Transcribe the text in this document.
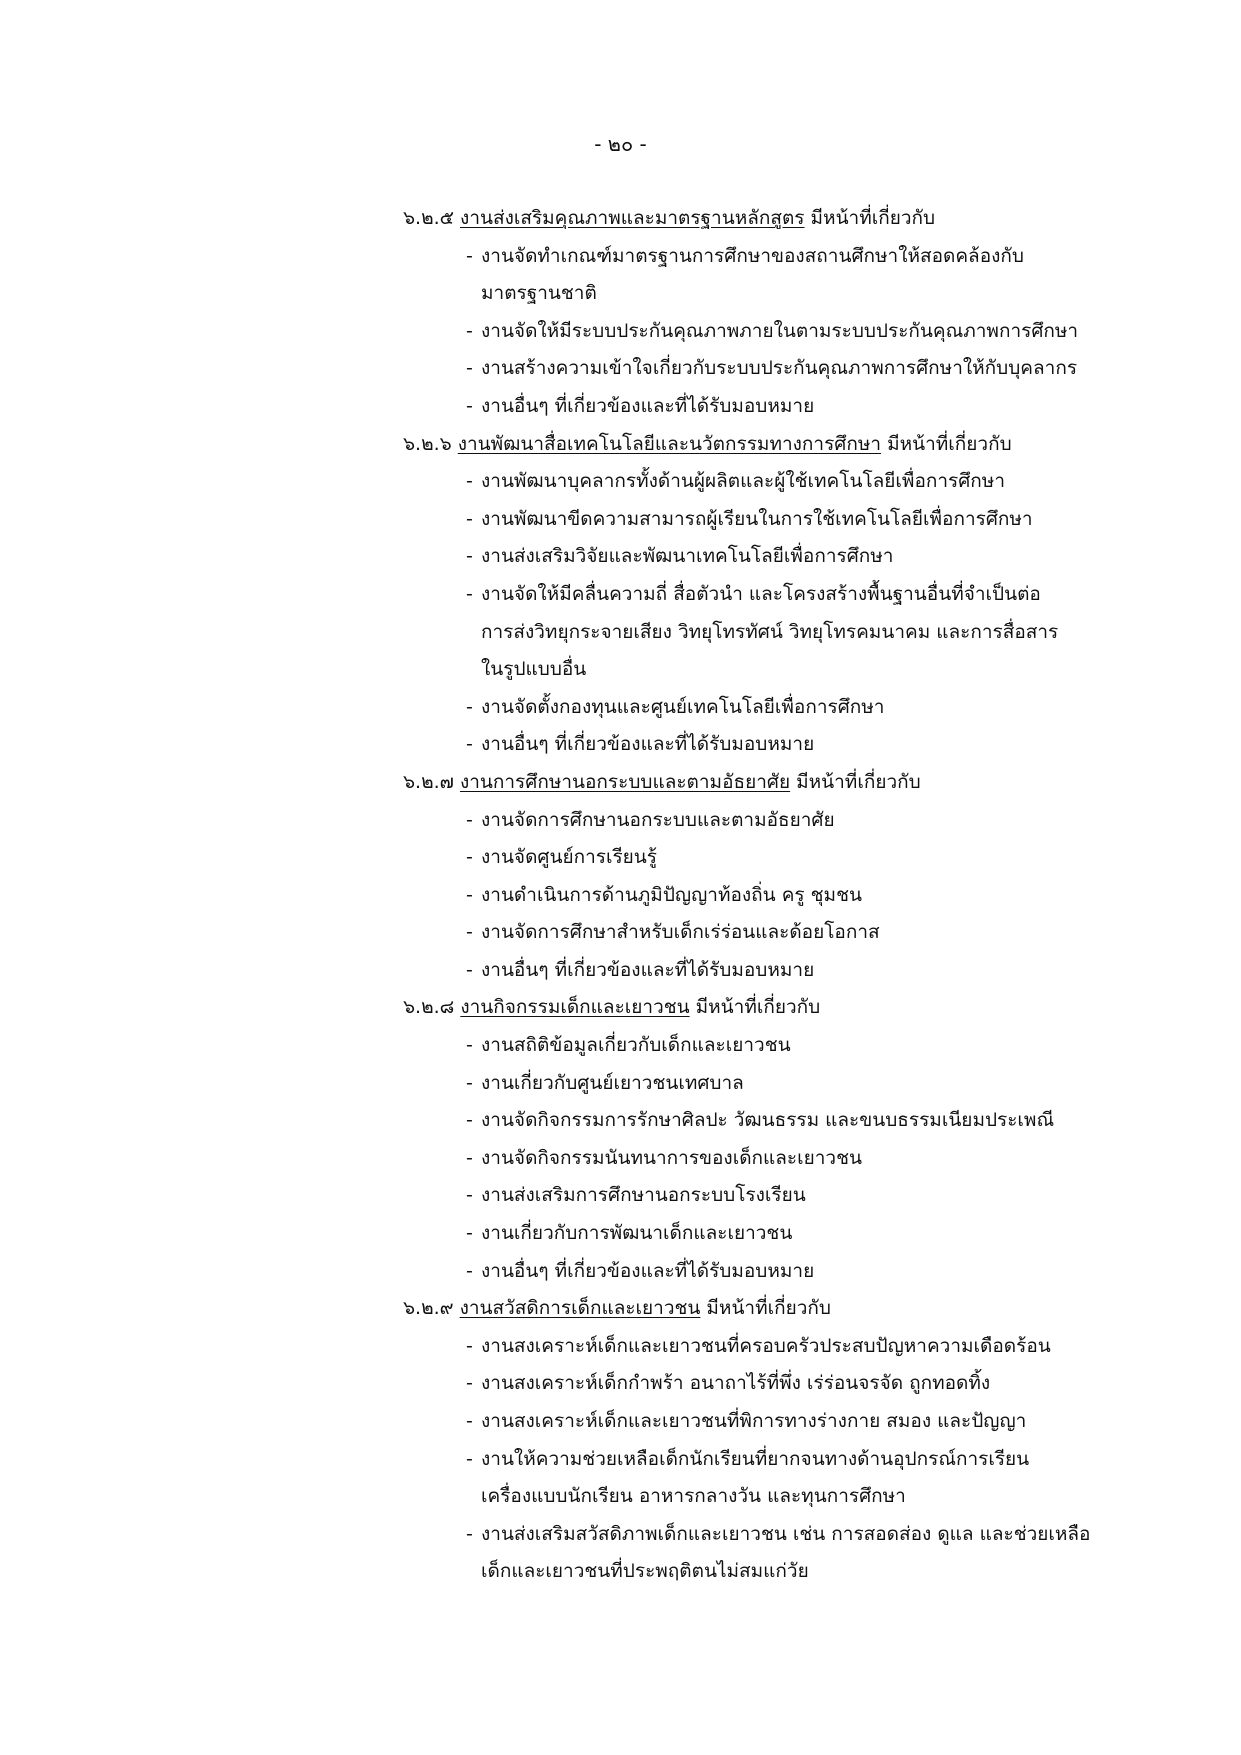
- ๒๐ -
๖.๒.๕ งานส่งเสริมคุณภาพและมาตรฐานหลักสูตร มีหน้าที่เกี่ยวกับ
- งานจัดทำเกณฑ์มาตรฐานการศึกษาของสถานศึกษาให้สอดคล้องกับ
มาตรฐานชาติ
- งานจัดให้มีระบบประกันคุณภาพภายในตามระบบประกันคุณภาพการศึกษา
- งานสร้างความเข้าใจเกี่ยวกับระบบประกันคุณภาพการศึกษาให้กับบุคลากร
- งานอื่นๆ ที่เกี่ยวข้องและที่ได้รับมอบหมาย
๖.๒.๖ งานพัฒนาสื่อเทคโนโลยีและนวัตกรรมทางการศึกษา มีหน้าที่เกี่ยวกับ
- งานพัฒนาบุคลากรทั้งด้านผู้ผลิตและผู้ใช้เทคโนโลยีเพื่อการศึกษา
- งานพัฒนาขีดความสามารถผู้เรียนในการใช้เทคโนโลยีเพื่อการศึกษา
- งานส่งเสริมวิจัยและพัฒนาเทคโนโลยีเพื่อการศึกษา
- งานจัดให้มีคลื่นความถี่ สื่อตัวนำ และโครงสร้างพื้นฐานอื่นที่จำเป็นต่อ
การส่งวิทยุกระจายเสียง วิทยุโทรทัศน์ วิทยุโทรคมนาคม และการสื่อสาร
ในรูปแบบอื่น
- งานจัดตั้งกองทุนและศูนย์เทคโนโลยีเพื่อการศึกษา
- งานอื่นๆ ที่เกี่ยวข้องและที่ได้รับมอบหมาย
๖.๒.๗ งานการศึกษานอกระบบและตามอัธยาศัย มีหน้าที่เกี่ยวกับ
- งานจัดการศึกษานอกระบบและตามอัธยาศัย
- งานจัดศูนย์การเรียนรู้
- งานดำเนินการด้านภูมิปัญญาท้องถิ่น ครู ชุมชน
- งานจัดการศึกษาสำหรับเด็กเร่ร่อนและด้อยโอกาส
- งานอื่นๆ ที่เกี่ยวข้องและที่ได้รับมอบหมาย
๖.๒.๘ งานกิจกรรมเด็กและเยาวชน มีหน้าที่เกี่ยวกับ
- งานสถิติข้อมูลเกี่ยวกับเด็กและเยาวชน
- งานเกี่ยวกับศูนย์เยาวชนเทศบาล
- งานจัดกิจกรรมการรักษาศิลปะ วัฒนธรรม และขนบธรรมเนียมประเพณี
- งานจัดกิจกรรมนันทนาการของเด็กและเยาวชน
- งานส่งเสริมการศึกษานอกระบบโรงเรียน
- งานเกี่ยวกับการพัฒนาเด็กและเยาวชน
- งานอื่นๆ ที่เกี่ยวข้องและที่ได้รับมอบหมาย
๖.๒.๙ งานสวัสดิการเด็กและเยาวชน มีหน้าที่เกี่ยวกับ
- งานสงเคราะห์เด็กและเยาวชนที่ครอบครัวประสบปัญหาความเดือดร้อน
- งานสงเคราะห์เด็กกำพร้า อนาถาไร้ที่พึ่ง เร่ร่อนจรจัด ถูกทอดทิ้ง
- งานสงเคราะห์เด็กและเยาวชนที่พิการทางร่างกาย สมอง และปัญญา
- งานให้ความช่วยเหลือเด็กนักเรียนที่ยากจนทางด้านอุปกรณ์การเรียน
เครื่องแบบนักเรียน อาหารกลางวัน และทุนการศึกษา
- งานส่งเสริมสวัสดิภาพเด็กและเยาวชน เช่น การสอดส่อง ดูแล และช่วยเหลือ
เด็กและเยาวชนที่ประพฤติตนไม่สมแก่วัย
